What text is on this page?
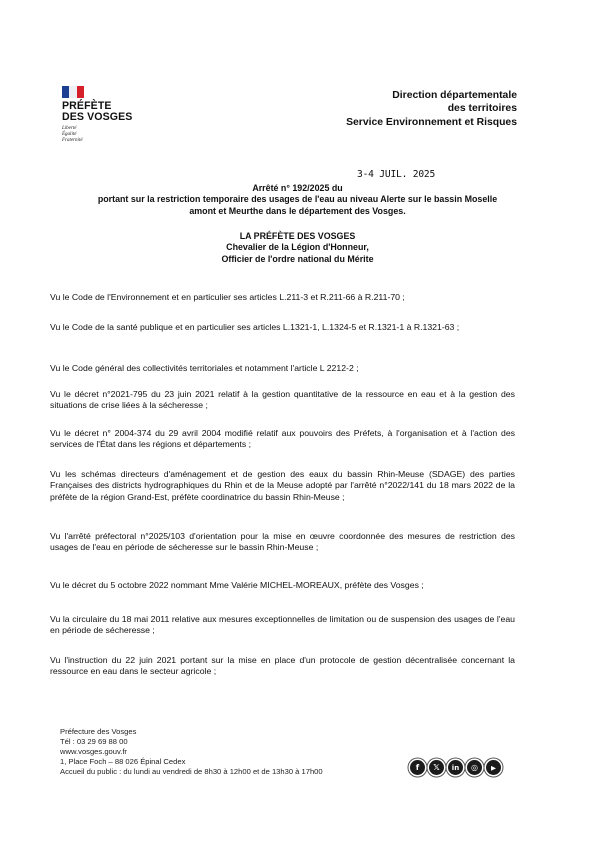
PRÉFÈTE
DES VOSGES
Liberté
Égalité
Fraternité
Direction départementale
des territoires
Service Environnement et Risques
3-4 JUIL. 2025
Arrêté n° 192/2025 du
portant sur la restriction temporaire des usages de l'eau au niveau Alerte sur le bassin Moselle
amont et Meurthe dans le département des Vosges.
LA PRÉFÈTE DES VOSGES
Chevalier de la Légion d'Honneur,
Officier de l'ordre national du Mérite

Vu le Code de l'Environnement et en particulier ses articles L.211-3 et R.211-66 à R.211-70 ;

Vu le Code de la santé publique et en particulier ses articles L.1321-1, L.1324-5 et R.1321-1 à R.1321-63 ;

Vu le Code général des collectivités territoriales et notamment l'article L 2212-2 ;

Vu le décret n°2021-795 du 23 juin 2021 relatif à la gestion quantitative de la ressource en eau et à la gestion des situations de crise liées à la sécheresse ;

Vu le décret n° 2004-374 du 29 avril 2004 modifié relatif aux pouvoirs des Préfets, à l'organisation et à l'action des services de l'État dans les régions et départements ;

Vu les schémas directeurs d'aménagement et de gestion des eaux du bassin Rhin-Meuse (SDAGE) des parties Françaises des districts hydrographiques du Rhin et de la Meuse adopté par l'arrêté n°2022/141 du 18 mars 2022 de la préfète de la région Grand-Est, préfète coordinatrice du bassin Rhin-Meuse ;

Vu l'arrêté préfectoral n°2025/103 d'orientation pour la mise en œuvre coordonnée des mesures de restriction des usages de l'eau en période de sécheresse sur le bassin Rhin-Meuse ;

Vu le décret du 5 octobre 2022 nommant Mme Valérie MICHEL-MOREAUX, préfète des Vosges ;

Vu la circulaire du 18 mai 2011 relative aux mesures exceptionnelles de limitation ou de suspension des usages de l'eau en période de sécheresse ;

Vu l'instruction du 22 juin 2021 portant sur la mise en place d'un protocole de gestion décentralisée concernant la ressource en eau dans le secteur agricole ;

Préfecture des Vosges
Tél : 03 29 69 88 00
www.vosges.gouv.fr
1, Place Foch – 88 026 Épinal Cedex
Accueil du public : du lundi au vendredi de 8h30 à 12h00 et de 13h30 à 17h00	f	𝕏	in	◎	▶
